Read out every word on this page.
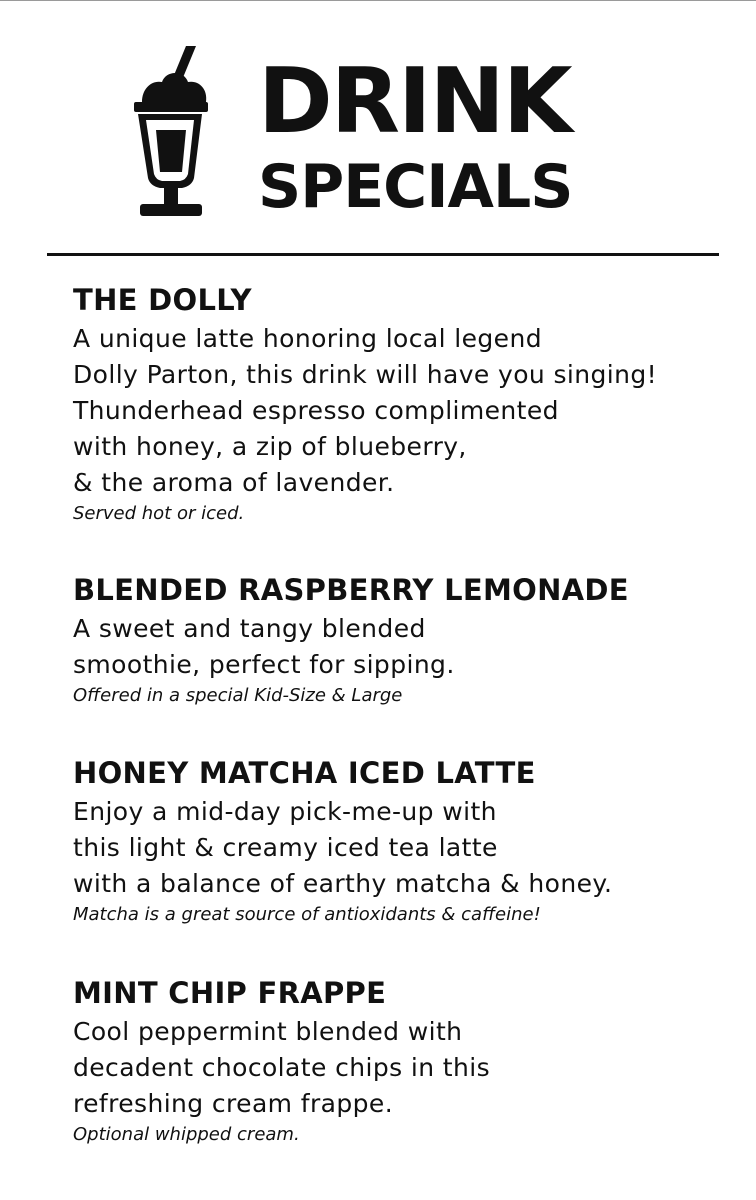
DRINK
SPECIALS
THE DOLLY
A unique latte honoring local legend
Dolly Parton, this drink will have you singing!
Thunderhead espresso complimented
with honey, a zip of blueberry,
& the aroma of lavender.
Served hot or iced.
BLENDED RASPBERRY LEMONADE
A sweet and tangy blended
smoothie, perfect for sipping.
Offered in a special Kid-Size & Large
HONEY MATCHA ICED LATTE
Enjoy a mid-day pick-me-up with
this light & creamy iced tea latte
with a balance of earthy matcha & honey.
Matcha is a great source of antioxidants & caffeine!
MINT CHIP FRAPPE
Cool peppermint blended with
decadent chocolate chips in this
refreshing cream frappe.
Optional whipped cream.
